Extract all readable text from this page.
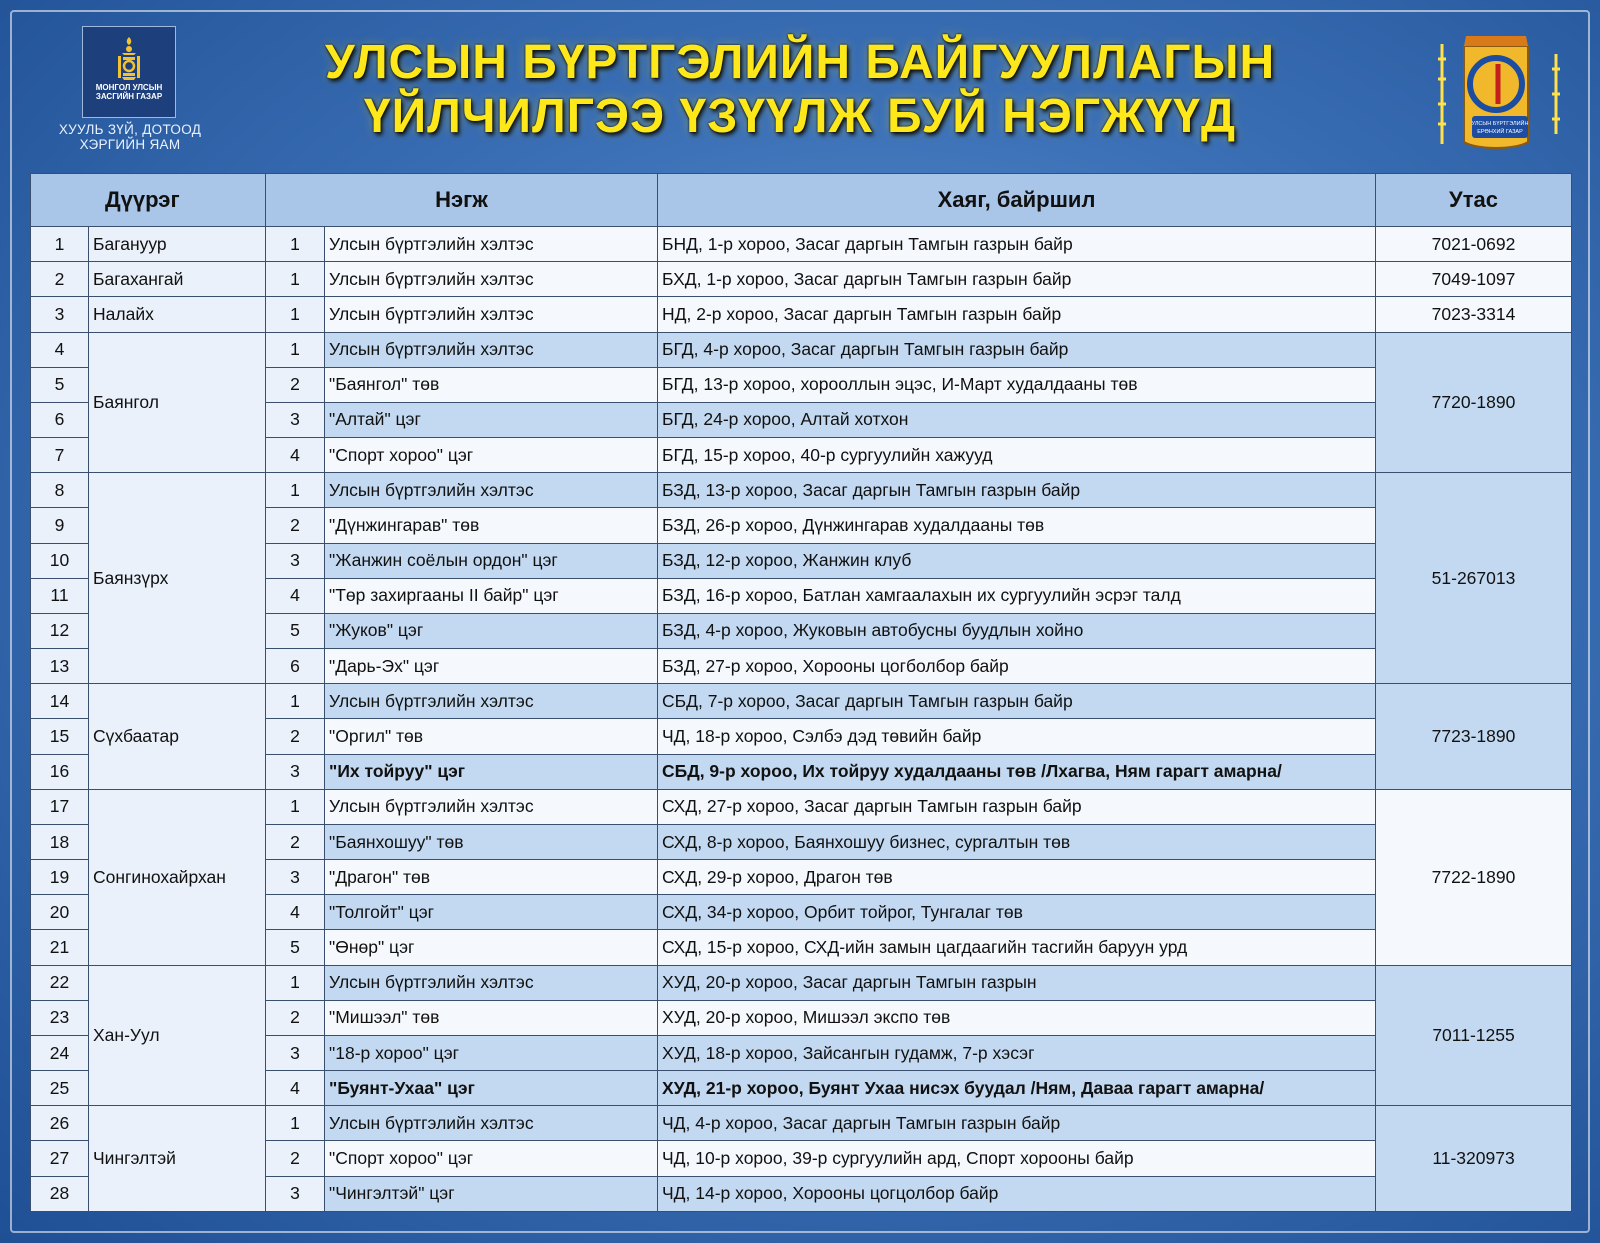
МОНГОЛ УЛСЫН
ЗАСГИЙН ГАЗАР
ХУУЛЬ ЗҮЙ, ДОТООД
ХЭРГИЙН ЯАМ
УЛСЫН БҮРТГЭЛИЙН БАЙГУУЛЛАГЫН
ҮЙЛЧИЛГЭЭ ҮЗҮҮЛЖ БУЙ НЭГЖҮҮД	УЛСЫН БҮРТГЭЛИЙН
ЕРӨНХИЙ ГАЗАР
Дүүрэг		Нэгж		Хаяг, байршил	Утас
1	Багануур	1	Улсын бүртгэлийн хэлтэс	БНД, 1-р хороо, Засаг даргын Тамгын газрын байр	7021-0692
2	Багахангай	1	Улсын бүртгэлийн хэлтэс	БХД, 1-р хороо, Засаг даргын Тамгын газрын байр	7049-1097
3	Налайх	1	Улсын бүртгэлийн хэлтэс	НД, 2-р хороо, Засаг даргын Тамгын газрын байр	7023-3314
4	Баянгол	1	Улсын бүртгэлийн хэлтэс	БГД, 4-р хороо, Засаг даргын Тамгын газрын байр	7720-1890
5		2	"Баянгол" төв	БГД, 13-р хороо, хорооллын эцэс, И-Март худалдааны төв	
6		3	"Алтай" цэг	БГД, 24-р хороо, Алтай хотхон	
7		4	"Спорт хороо" цэг	БГД, 15-р хороо, 40-р сургуулийн хажууд	
8	Баянзүрх	1	Улсын бүртгэлийн хэлтэс	БЗД, 13-р хороо, Засаг даргын Тамгын газрын байр	51-267013
9		2	"Дүнжингарав" төв	БЗД, 26-р хороо, Дүнжингарав худалдааны төв	
10		3	"Жанжин соёлын ордон" цэг	БЗД, 12-р хороо, Жанжин клуб	
11		4	"Төр захиргааны II байр" цэг	БЗД, 16-р хороо, Батлан хамгаалахын их сургуулийн эсрэг талд	
12		5	"Жуков" цэг	БЗД, 4-р хороо, Жуковын автобусны буудлын хойно	
13		6	"Дарь-Эх" цэг	БЗД, 27-р хороо, Хорооны цогболбор байр	
14	Сүхбаатар	1	Улсын бүртгэлийн хэлтэс	СБД, 7-р хороо, Засаг даргын Тамгын газрын байр	7723-1890
15		2	"Оргил" төв	ЧД, 18-р хороо, Сэлбэ дэд төвийн байр	
16		3	"Их тойруу" цэг	СБД, 9-р хороо, Их тойруу худалдааны төв /Лхагва, Ням гарагт амарна/	
17	Сонгинохайрхан	1	Улсын бүртгэлийн хэлтэс	СХД, 27-р хороо, Засаг даргын Тамгын газрын байр	7722-1890
18		2	"Баянхошуу" төв	СХД, 8-р хороо, Баянхошуу бизнес, сургалтын төв	
19		3	"Драгон" төв	СХД, 29-р хороо, Драгон төв	
20		4	"Толгойт" цэг	СХД, 34-р хороо, Орбит тойрог, Тунгалаг төв	
21		5	"Өнөр" цэг	СХД, 15-р хороо, СХД-ийн замын цагдаагийн тасгийн баруун урд	
22	Хан-Уул	1	Улсын бүртгэлийн хэлтэс	ХУД, 20-р хороо, Засаг даргын Тамгын газрын	7011-1255
23		2	"Мишээл" төв	ХУД, 20-р хороо, Мишээл экспо төв	
24		3	"18-р хороо" цэг	ХУД, 18-р хороо, Зайсангын гудамж, 7-р хэсэг	
25		4	"Буянт-Ухаа" цэг	ХУД, 21-р хороо, Буянт Ухаа нисэх буудал /Ням, Даваа гарагт амарна/	
26	Чингэлтэй	1	Улсын бүртгэлийн хэлтэс	ЧД, 4-р хороо, Засаг даргын Тамгын газрын байр	11-320973
27		2	"Спорт хороо" цэг	ЧД, 10-р хороо, 39-р сургуулийн ард, Спорт хорооны байр	
28		3	"Чингэлтэй" цэг	ЧД, 14-р хороо, Хорооны цогцолбор байр	
